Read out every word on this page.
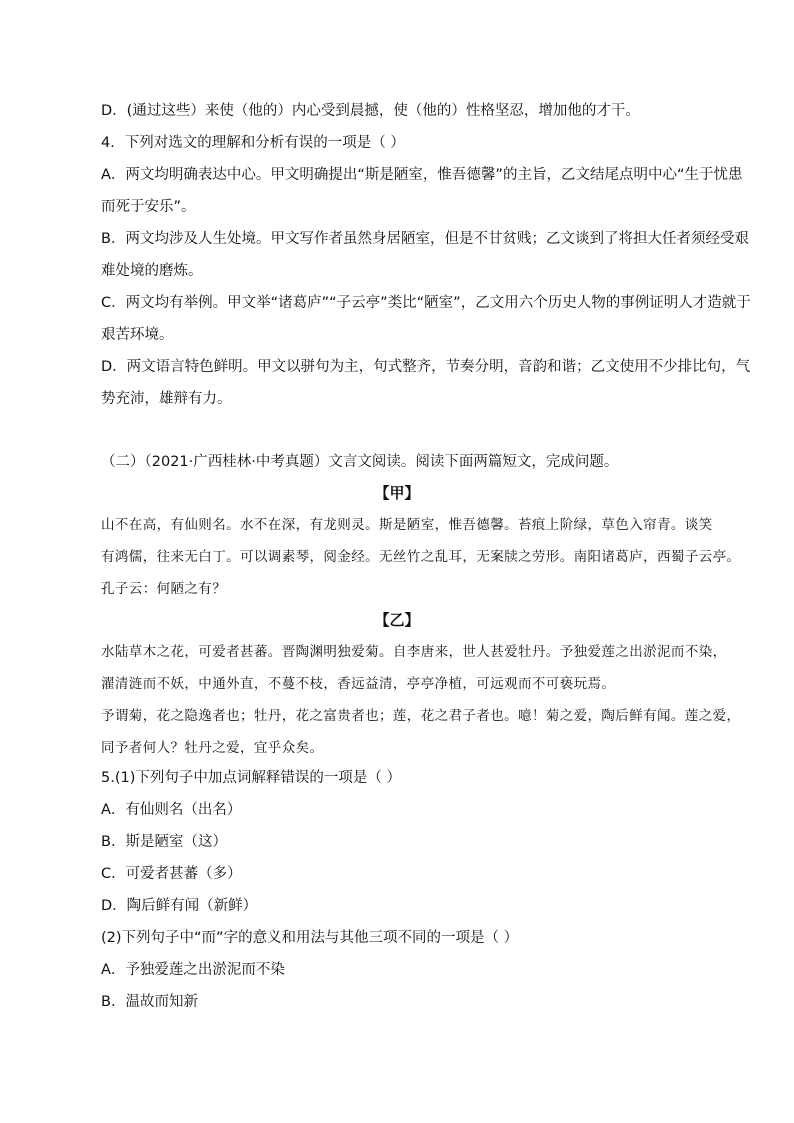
D．(通过这些）来使（他的）内心受到晨撼，使（他的）性格坚忍，增加他的才干。
4．下列对选文的理解和分析有误的一项是（ ）
A．两文均明确表达中心。甲文明确提出“斯是陋室，惟吾德馨”的主旨，乙文结尾点明中心“生于忧患
而死于安乐”。
B．两文均涉及人生处境。甲文写作者虽然身居陋室，但是不甘贫贱；乙文谈到了将担大任者须经受艰
难处境的磨炼。
C．两文均有举例。甲文举“诸葛庐”“子云亭”类比“陋室”，乙文用六个历史人物的事例证明人才造就于
艰苦环境。
D．两文语言特色鲜明。甲文以骈句为主，句式整齐，节奏分明，音韵和谐；乙文使用不少排比句，气
势充沛，雄辩有力。
（二）（2021·广西桂林·中考真题）文言文阅读。阅读下面两篇短文，完成问题。
【甲】
山不在高，有仙则名。水不在深，有龙则灵。斯是陋室，惟吾德馨。苔痕上阶绿，草色入帘青。谈笑
有鸿儒，往来无白丁。可以调素琴，阅金经。无丝竹之乱耳，无案牍之劳形。南阳诸葛庐，西蜀子云亭。
孔子云：何陋之有？
【乙】
水陆草木之花，可爱者甚蕃。晋陶渊明独爱菊。自李唐来，世人甚爱牡丹。予独爱莲之出淤泥而不染，
濯清涟而不妖，中通外直，不蔓不枝，香远益清，亭亭净植，可远观而不可亵玩焉。
予谓菊，花之隐逸者也；牡丹，花之富贵者也；莲，花之君子者也。噫！菊之爱，陶后鲜有闻。莲之爱，
同予者何人？牡丹之爱，宜乎众矣。
5.(1)下列句子中加点词解释错误的一项是（ ）
A．有仙则名（出名）
B．斯是陋室（这）
C．可爱者甚蕃（多）
D．陶后鲜有闻（新鲜）
(2)下列句子中“而”字的意义和用法与其他三项不同的一项是（ ）
A．予独爱莲之出淤泥而不染
B．温故而知新
